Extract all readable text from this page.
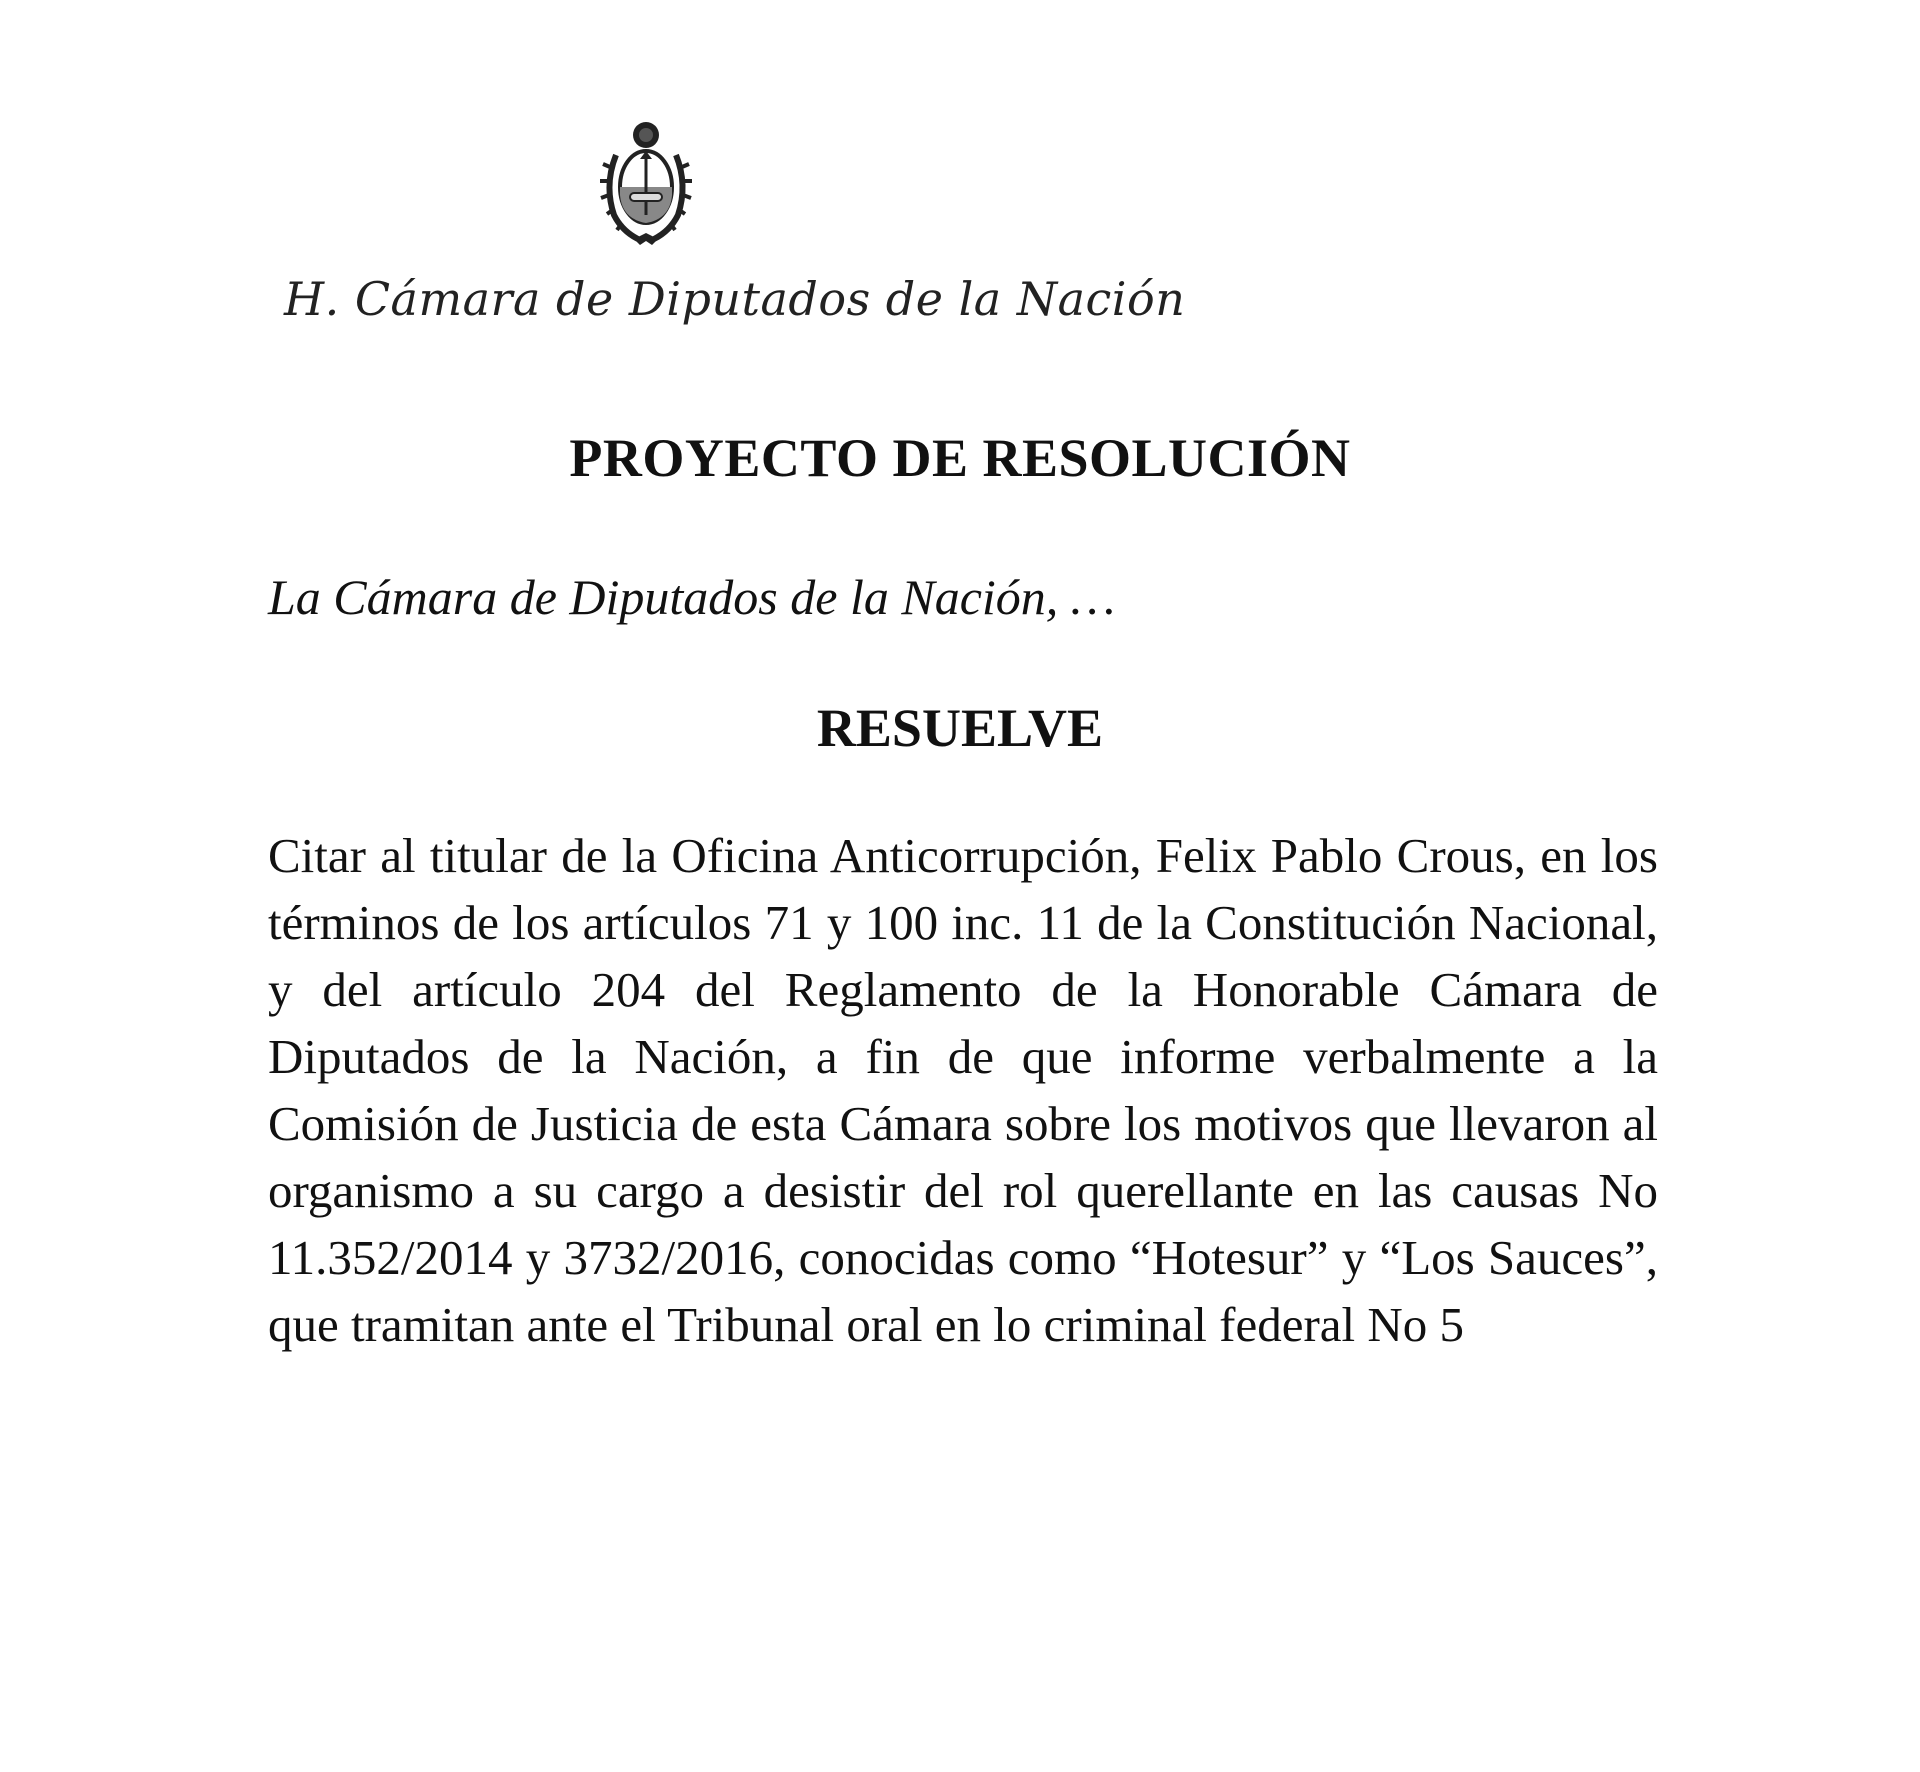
H. Cámara de Diputados de la Nación
PROYECTO DE RESOLUCIÓN
La Cámara de Diputados de la Nación, …
RESUELVE
Citar al titular de la Oficina Anticorrupción, Felix Pablo Crous, en los términos de los artículos 71 y 100 inc. 11 de la Constitución Nacional, y del artículo 204 del Reglamento de la Honorable Cámara de Diputados de la Nación, a fin de que informe verbalmente a la Comisión de Justicia de esta Cámara sobre los motivos que llevaron al organismo a su cargo a desistir del rol querellante en las causas No 11.352/2014 y 3732/2016, conocidas como “Hotesur” y “Los Sauces”, que tramitan ante el Tribunal oral en lo criminal federal No 5
